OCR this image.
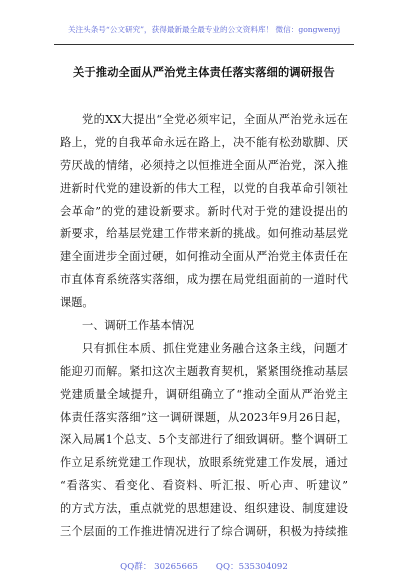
关注头条号“公文研究”，获得最新最全最专业的公文资料库！ 微信：gongwenyj
关于推动全面从严治党主体责任落实落细的调研报告
党的XX大提出“全党必须牢记，全面从严治党永远在
路上，党的自我革命永远在路上，决不能有松劲歇脚、厌
劳厌战的情绪，必须持之以恒推进全面从严治党，深入推
进新时代党的建设新的伟大工程，以党的自我革命引领社
会革命”的党的建设新要求。新时代对于党的建设提出的
新要求，给基层党建工作带来新的挑战。如何推动基层党
建全面进步全面过硬，如何推动全面从严治党主体责任在
市直体育系统落实落细，成为摆在局党组面前的一道时代
课题。
一、调研工作基本情况
只有抓住本质、抓住党建业务融合这条主线，问题才
能迎刃而解。紧扣这次主题教育契机，紧紧围绕推动基层
党建质量全域提升，调研组确立了“推动全面从严治党主
体责任落实落细”这一调研课题，从2023年9月26日起，
深入局属1个总支、5个支部进行了细致调研。整个调研工
作立足系统党建工作现状，放眼系统党建工作发展，通过
“看落实、看变化、看资料、听汇报、听心声、听建议”
的方式方法，重点就党的思想建设、组织建设、制度建设
三个层面的工作推进情况进行了综合调研，积极为持续推
QQ群： 30265665 QQ：535304092
